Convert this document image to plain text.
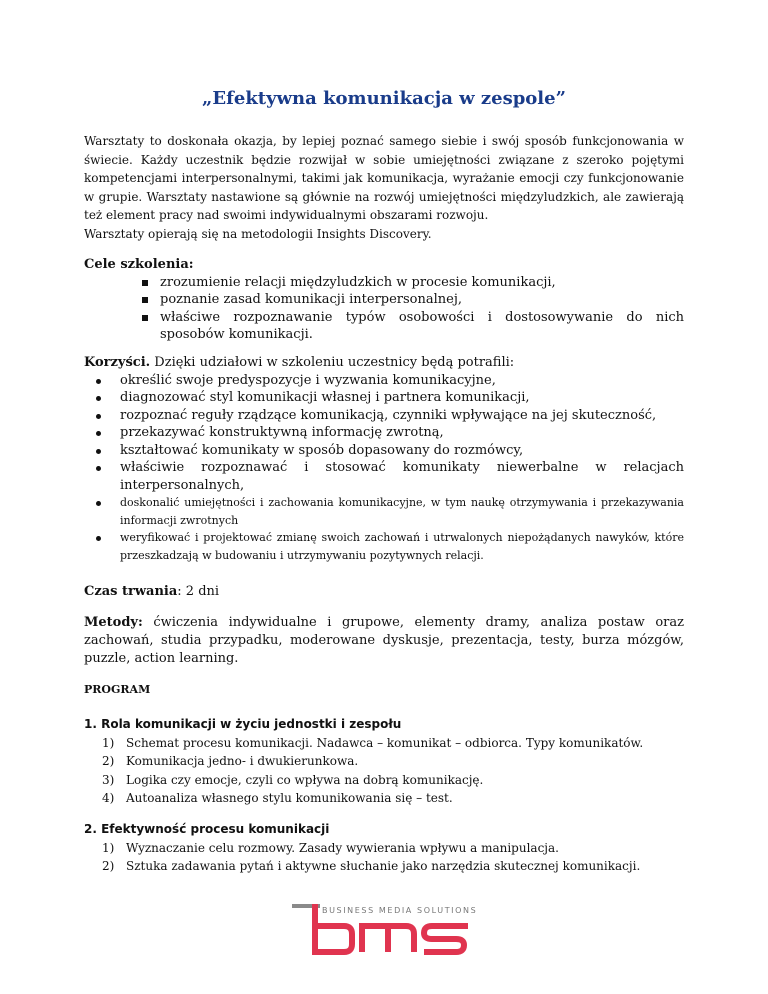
„Efektywna komunikacja w zespole”

Warsztaty to doskonała okazja, by lepiej poznać samego siebie i swój sposób funkcjonowania w świecie. Każdy uczestnik będzie rozwijał w sobie umiejętności związane z szeroko pojętymi kompetencjami interpersonalnymi, takimi jak komunikacja, wyrażanie emocji czy funkcjonowanie w grupie. Warsztaty nastawione są głównie na rozwój umiejętności międzyludzkich, ale zawierają też element pracy nad swoimi indywidualnymi obszarami rozwoju.

Warsztaty opierają się na metodologii Insights Discovery.

Cele szkolenia:
zrozumienie relacji międzyludzkich w procesie komunikacji,
poznanie zasad komunikacji interpersonalnej,
właściwe rozpoznawanie typów osobowości i dostosowywanie do nich sposobów komunikacji.
Korzyści. Dzięki udziałowi w szkoleniu uczestnicy będą potrafili:
określić swoje predyspozycje i wyzwania komunikacyjne,
diagnozować styl komunikacji własnej i partnera komunikacji,
rozpoznać reguły rządzące komunikacją, czynniki wpływające na jej skuteczność,
przekazywać konstruktywną informację zwrotną,
kształtować komunikaty w sposób dopasowany do rozmówcy,
właściwie rozpoznawać i stosować komunikaty niewerbalne w relacjach interpersonalnych,
doskonalić umiejętności i zachowania komunikacyjne, w tym naukę otrzymywania i przekazywania informacji zwrotnych
weryfikować i projektować zmianę swoich zachowań i utrwalonych niepożądanych nawyków, które przeszkadzają w budowaniu i utrzymywaniu pozytywnych relacji.
Czas trwania: 2 dni
Metody: ćwiczenia indywidualne i grupowe, elementy dramy, analiza postaw oraz zachowań, studia przypadku, moderowane dyskusje, prezentacja, testy, burza mózgów, puzzle, action learning.
PROGRAM
1. Rola komunikacji w życiu jednostki i zespołu
1) Schemat procesu komunikacji. Nadawca – komunikat – odbiorca. Typy komunikatów.
2) Komunikacja jedno- i dwukierunkowa.
3) Logika czy emocje, czyli co wpływa na dobrą komunikację.
4) Autoanaliza własnego stylu komunikowania się – test.
2. Efektywność procesu komunikacji
1) Wyznaczanie celu rozmowy. Zasady wywierania wpływu a manipulacja.
2) Sztuka zadawania pytań i aktywne słuchanie jako narzędzia skutecznej komunikacji.
BUSINESS MEDIA SOLUTIONS
